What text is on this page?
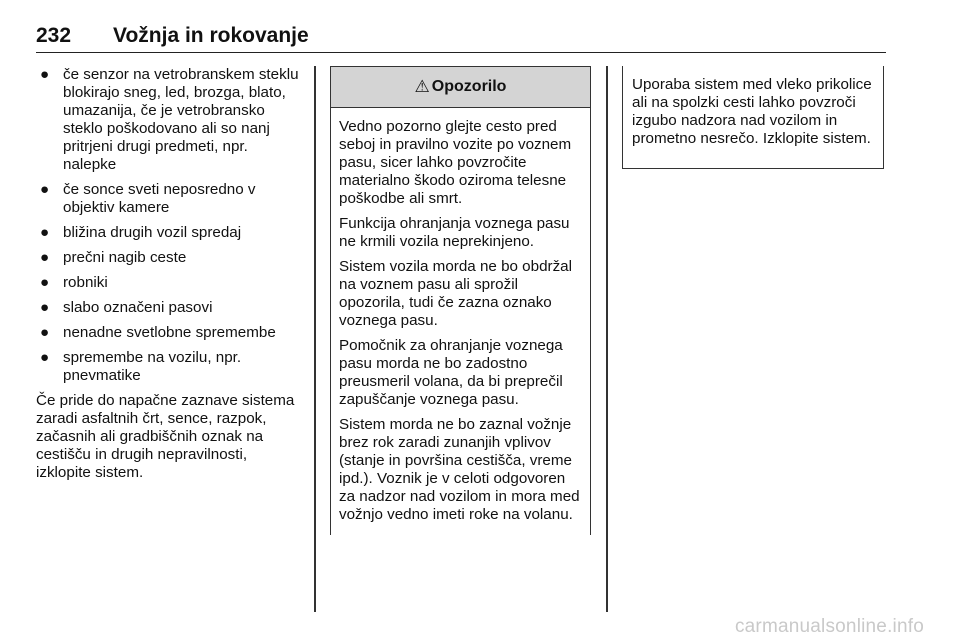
232 Vožnja in rokovanje
● če senzor na vetrobranskem steklu blokirajo sneg, led, brozga, blato, umazanija, če je vetrobransko steklo poškodovano ali so nanj pritrjeni drugi predmeti, npr. nalepke
● če sonce sveti neposredno v objektiv kamere
● bližina drugih vozil spredaj
● prečni nagib ceste
● robniki
● slabo označeni pasovi
● nenadne svetlobne spremembe
● spremembe na vozilu, npr. pnevmatike

Če pride do napačne zaznave sistema zaradi asfaltnih črt, sence, razpok, začasnih ali gradbiščnih oznak na cestišču in drugih nepravilnosti, izklopite sistem.

⚠ Opozorilo

Vedno pozorno glejte cesto pred seboj in pravilno vozite po voznem pasu, sicer lahko povzročite materialno škodo oziroma telesne poškodbe ali smrt.

Funkcija ohranjanja voznega pasu ne krmili vozila neprekinjeno.

Sistem vozila morda ne bo obdržal na voznem pasu ali sprožil opozorila, tudi če zazna oznako voznega pasu.

Pomočnik za ohranjanje voznega pasu morda ne bo zadostno preusmeril volana, da bi preprečil zapuščanje voznega pasu.

Sistem morda ne bo zaznal vožnje brez rok zaradi zunanjih vplivov (stanje in površina cestišča, vreme ipd.). Voznik je v celoti odgovoren za nadzor nad vozilom in mora med vožnjo vedno imeti roke na volanu.

Uporaba sistem med vleko prikolice ali na spolzki cesti lahko povzroči izgubo nadzora nad vozilom in prometno nesrečo. Izklopite sistem.

carmanualsonline.info
